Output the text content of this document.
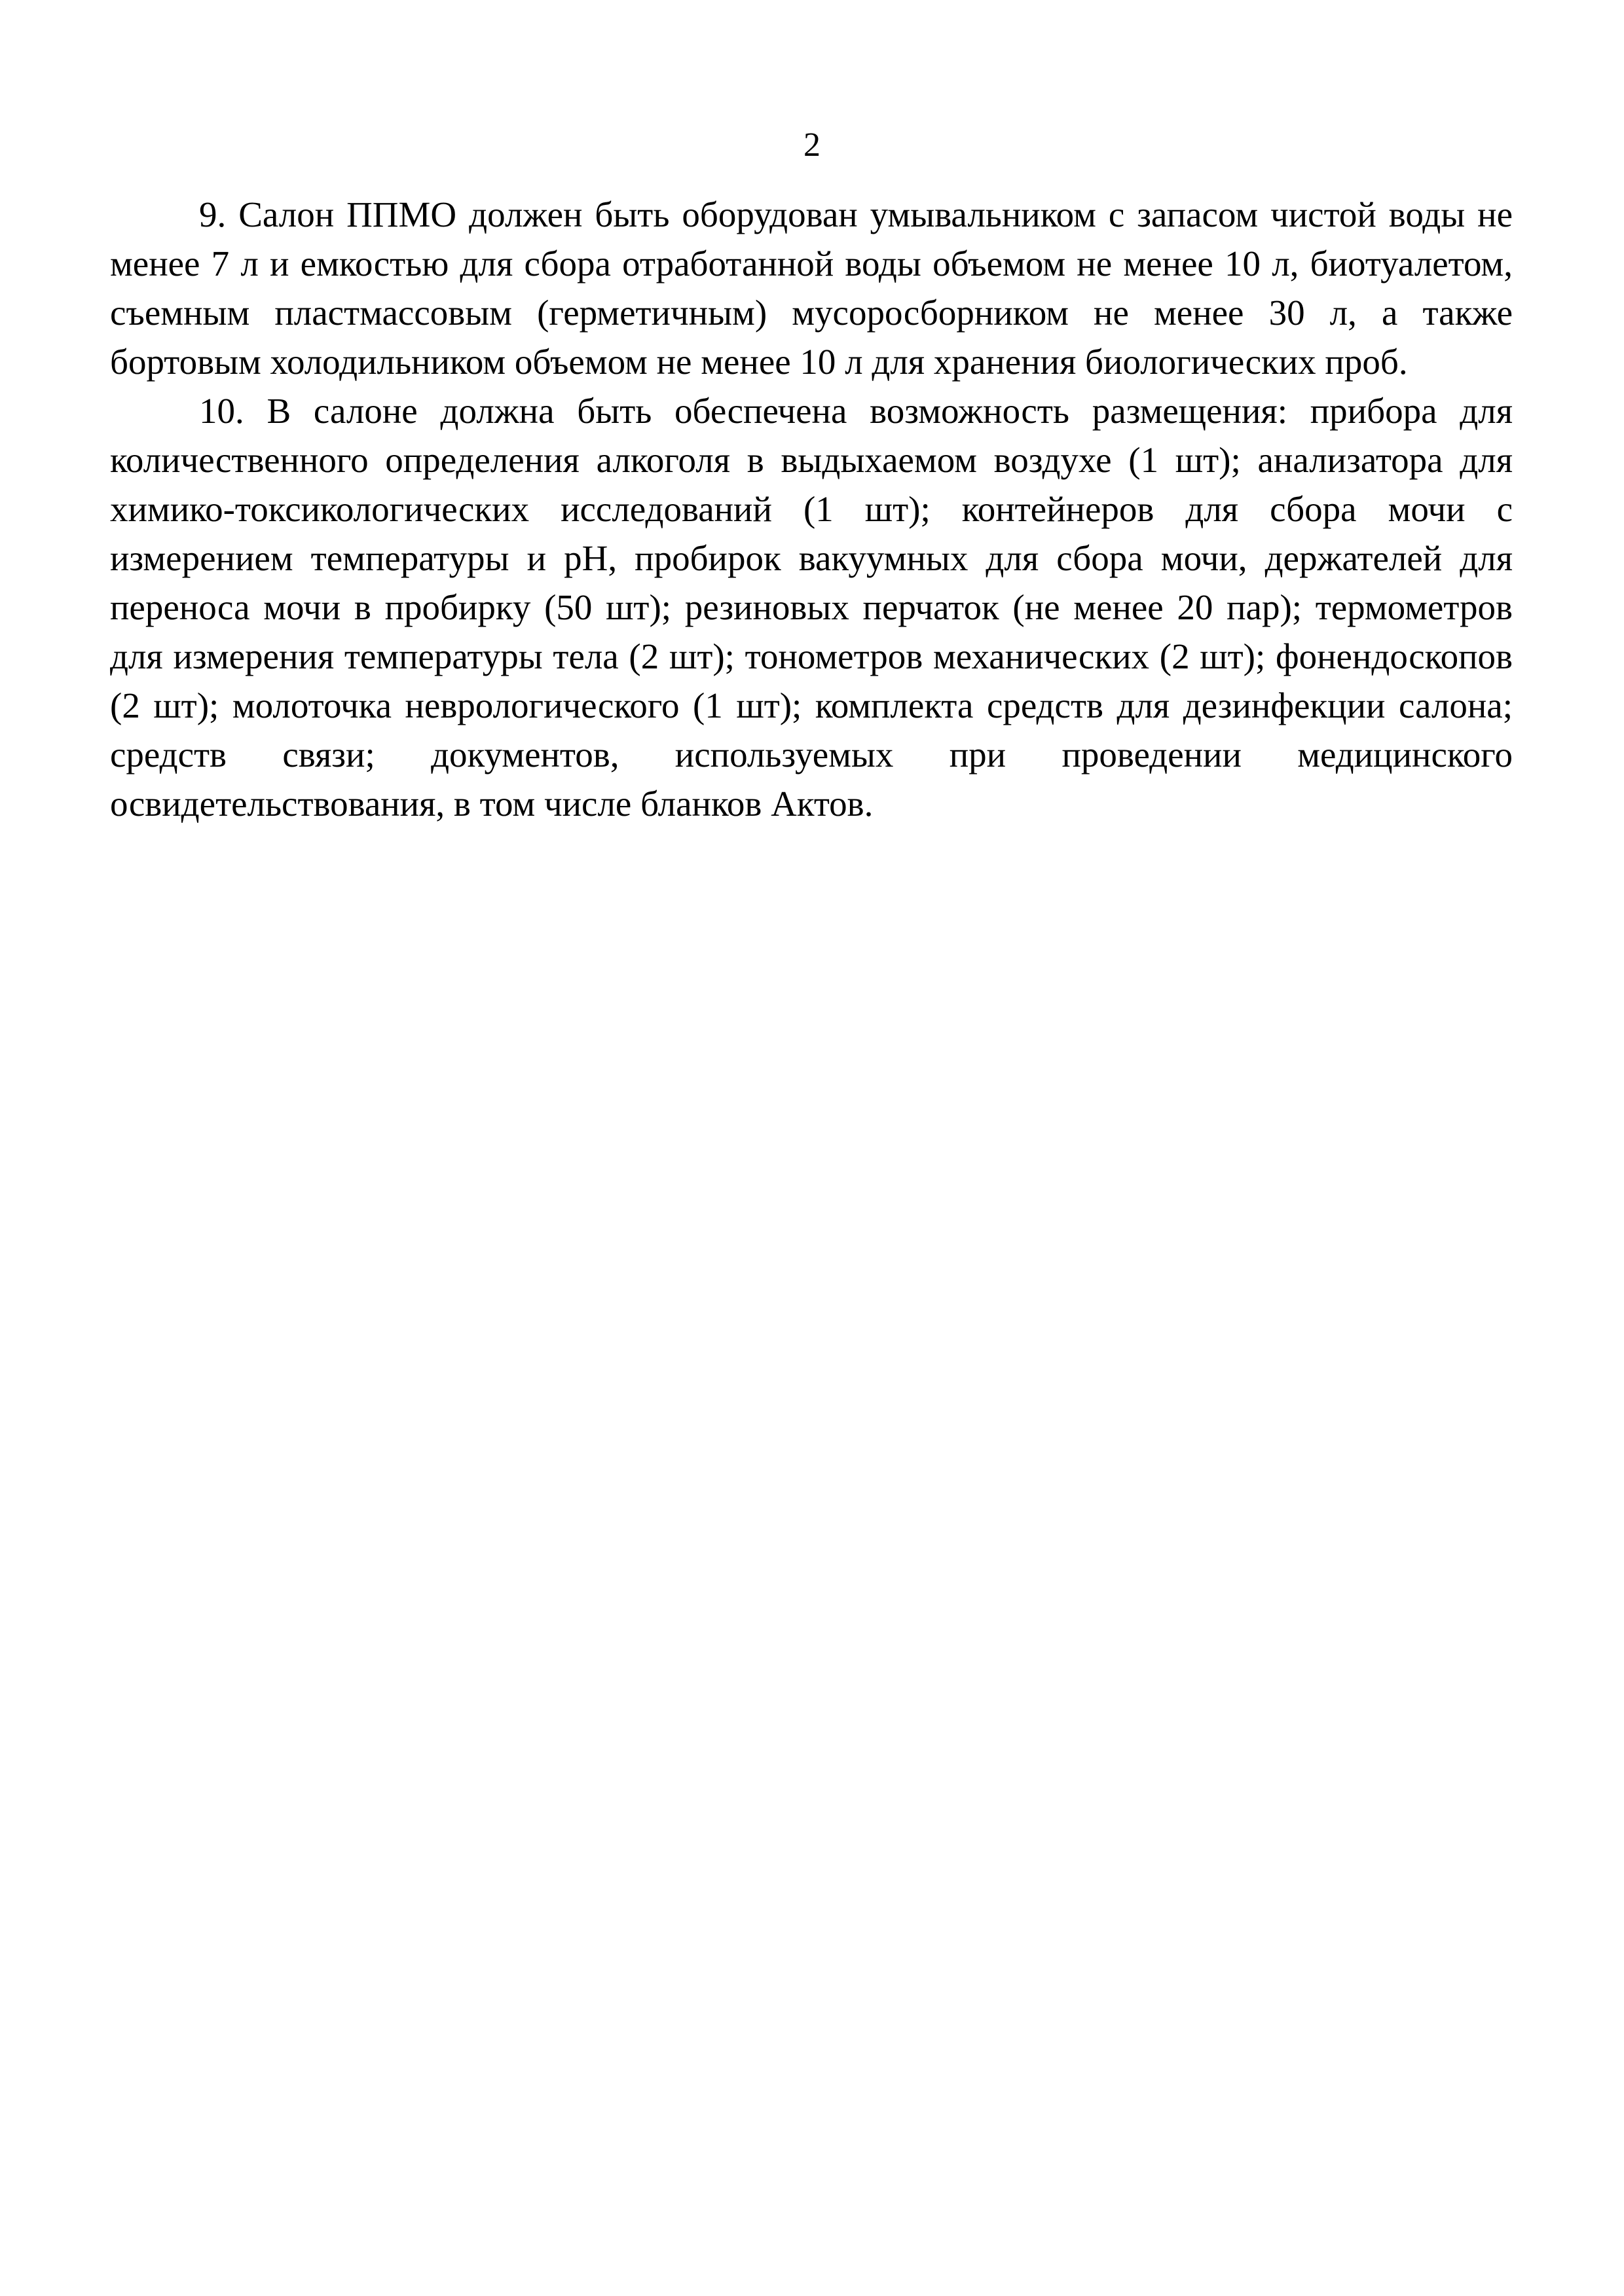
2

9. Салон ППМО должен быть оборудован умывальником с запасом чистой воды не менее 7 л и емкостью для сбора отработанной воды объемом не менее 10 л, биотуалетом, съемным пластмассовым (герметичным) мусоросборником не менее 30 л, а также бортовым холодильником объемом не менее 10 л для хранения биологических проб.

10. В салоне должна быть обеспечена возможность размещения: прибора для количественного определения алкоголя в выдыхаемом воздухе (1 шт); анализатора для химико-токсикологических исследований (1 шт); контейнеров для сбора мочи с измерением температуры и рН, пробирок вакуумных для сбора мочи, держателей для переноса мочи в пробирку (50 шт); резиновых перчаток (не менее 20 пар); термометров для измерения температуры тела (2 шт); тонометров механических (2 шт); фонендоскопов (2 шт); молоточка неврологического (1 шт); комплекта средств для дезинфекции салона; средств связи; документов, используемых при проведении медицинского освидетельствования, в том числе бланков Актов.
